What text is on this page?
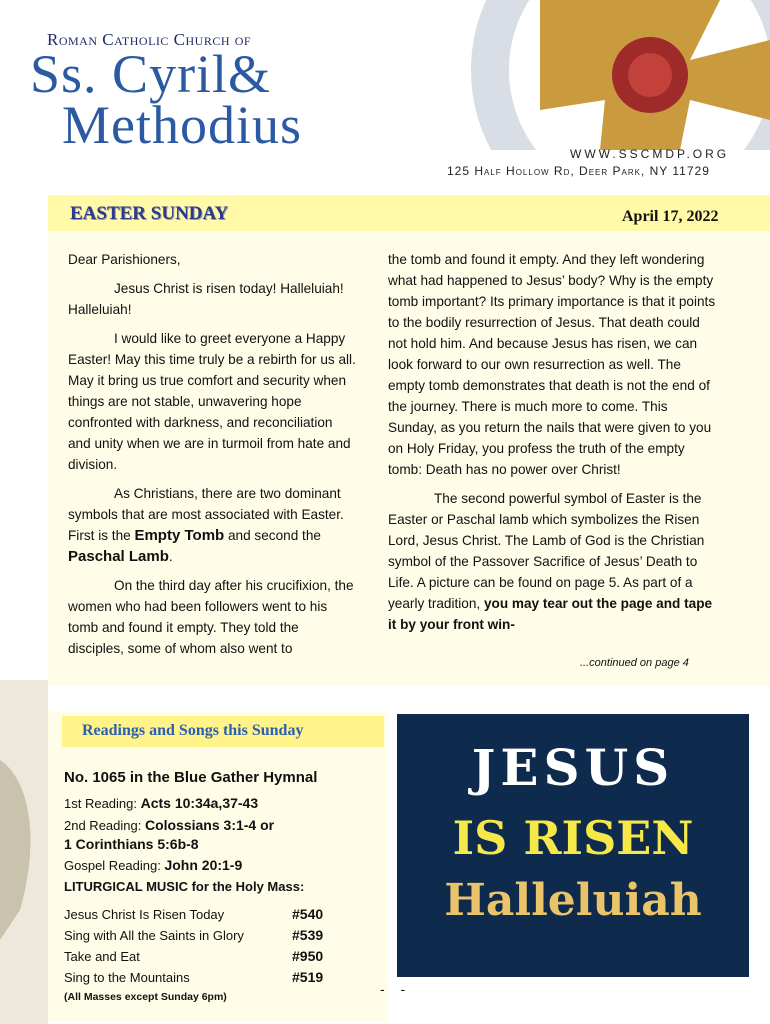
Roman Catholic Church of
Ss. Cyril&
Methodius	WWW.SSCMDP.ORG
125 Half Hollow Rd, Deer Park, NY 11729
EASTER SUNDAY	April 17, 2022

Dear Parishioners,

Jesus Christ is risen today! Halleluiah! Halleluiah!

I would like to greet everyone a Happy Easter! May this time truly be a rebirth for us all. May it bring us true comfort and security when things are not stable, unwavering hope confronted with darkness, and reconciliation and unity when we are in turmoil from hate and division.

As Christians, there are two dominant symbols that are most associated with Easter. First is the Empty Tomb and second the Paschal Lamb.

On the third day after his crucifixion, the women who had been followers went to his tomb and found it empty. They told the disciples, some of whom also went to

the tomb and found it empty. And they left wondering what had happened to Jesus’ body? Why is the empty tomb important? Its primary importance is that it points to the bodily resurrection of Jesus. That death could not hold him. And because Jesus has risen, we can look forward to our own resurrection as well. The empty tomb demonstrates that death is not the end of the journey. There is much more to come. This Sunday, as you return the nails that were given to you on Holy Friday, you profess the truth of the empty tomb: Death has no power over Christ!

The second powerful symbol of Easter is the Easter or Paschal lamb which symbolizes the Risen Lord, Jesus Christ. The Lamb of God is the Christian symbol of the Passover Sacrifice of Jesus’ Death to Life. A picture can be found on page 5. As part of a yearly tradition, you may tear out the page and tape it by your front win-

...continued on page 4
Readings and Songs this Sunday
No. 1065 in the Blue Gather Hymnal
1st Reading: Acts 10:34a,37-43
2nd Reading: Colossians 3:1-4 or
1 Corinthians 5:6b-8
Gospel Reading: John 20:1-9
LITURGICAL MUSIC for the Holy Mass:
Jesus Christ Is Risen Today	#540
Sing with All the Saints in Glory	#539
Take and Eat	#950
Sing to the Mountains	#519
(All Masses except Sunday 6pm)	- -
JESUS
IS RISEN
Halleluiah
